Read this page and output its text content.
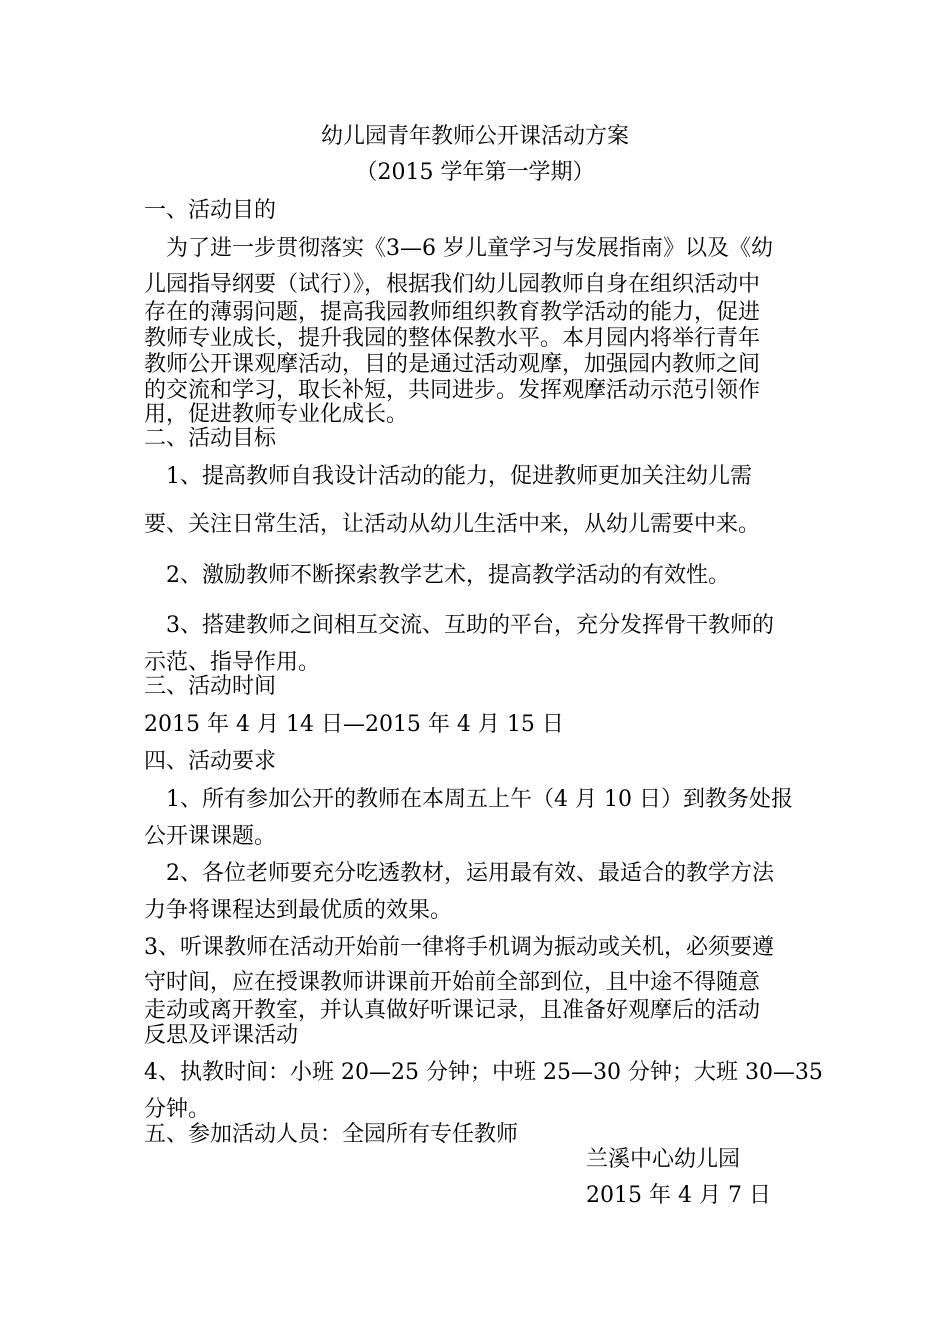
幼儿园青年教师公开课活动方案
（2015 学年第一学期）
一、活动目的
　为了进一步贯彻落实《3—6 岁儿童学习与发展指南》以及《幼
儿园指导纲要（试行）》，根据我们幼儿园教师自身在组织活动中
存在的薄弱问题，提高我园教师组织教育教学活动的能力，促进
教师专业成长，提升我园的整体保教水平。本月园内将举行青年
教师公开课观摩活动，目的是通过活动观摩，加强园内教师之间
的交流和学习，取长补短，共同进步。发挥观摩活动示范引领作
用，促进教师专业化成长。
二、活动目标
　1、提高教师自我设计活动的能力，促进教师更加关注幼儿需
要、关注日常生活，让活动从幼儿生活中来，从幼儿需要中来。
　2、激励教师不断探索教学艺术，提高教学活动的有效性。
　3、搭建教师之间相互交流、互助的平台，充分发挥骨干教师的
示范、指导作用。
三、活动时间
2015 年 4 月 14 日—2015 年 4 月 15 日
四、活动要求
　1、所有参加公开的教师在本周五上午（4 月 10 日）到教务处报
公开课课题。
　2、各位老师要充分吃透教材，运用最有效、最适合的教学方法
力争将课程达到最优质的效果。
3、听课教师在活动开始前一律将手机调为振动或关机，必须要遵
守时间，应在授课教师讲课前开始前全部到位，且中途不得随意
走动或离开教室，并认真做好听课记录，且准备好观摩后的活动
反思及评课活动
4、执教时间：小班 20—25 分钟；中班 25—30 分钟；大班 30—35
分钟。
五、参加活动人员：全园所有专任教师
兰溪中心幼儿园
2015 年 4 月 7 日
